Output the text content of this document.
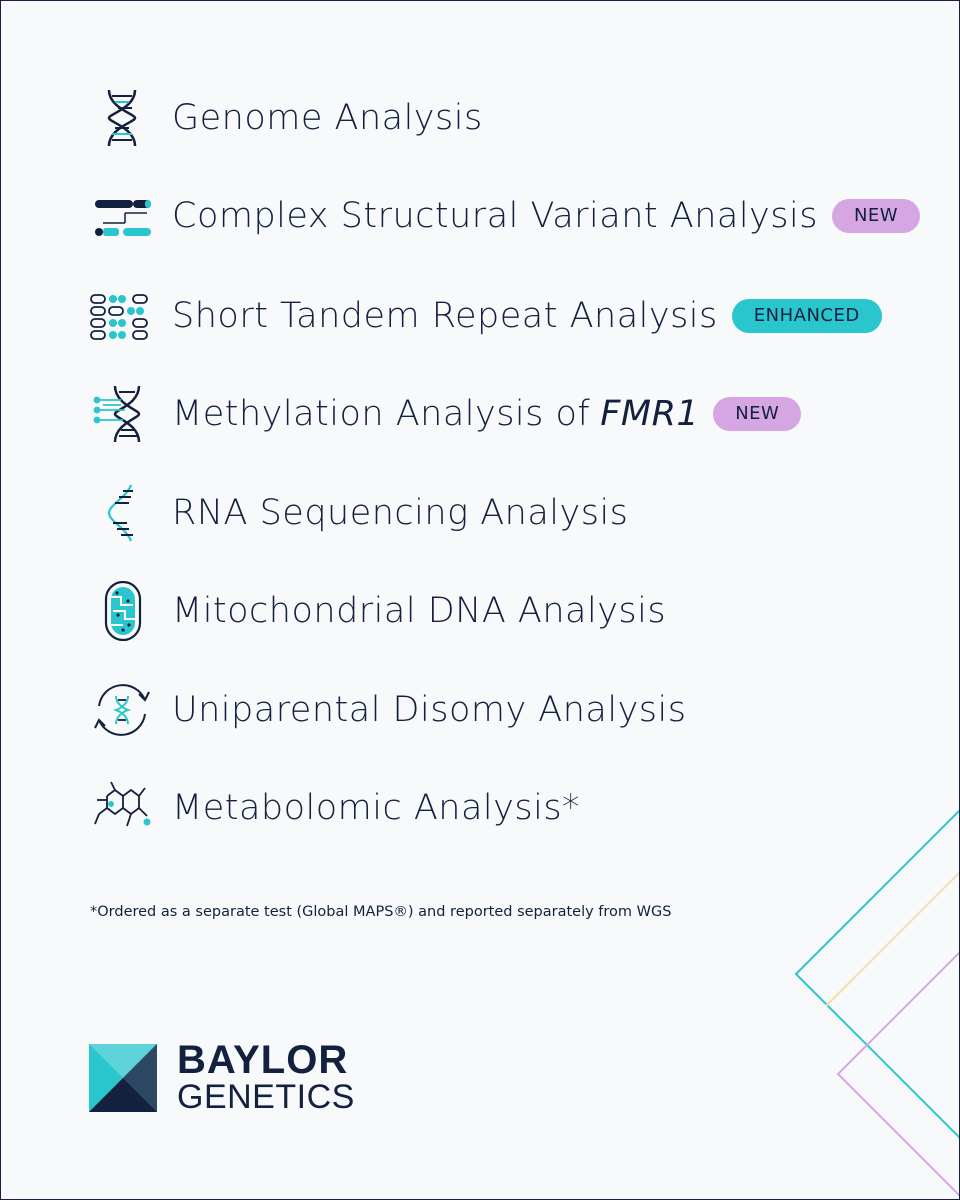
Genome Analysis
Complex Structural Variant Analysis	NEW
Short Tandem Repeat Analysis	ENHANCED
Methylation Analysis of FMR1	NEW
RNA Sequencing Analysis
Mitochondrial DNA Analysis
Uniparental Disomy Analysis
Metabolomic Analysis*
*Ordered as a separate test (Global MAPS®) and reported separately from WGS
BAYLOR
GENETICS
